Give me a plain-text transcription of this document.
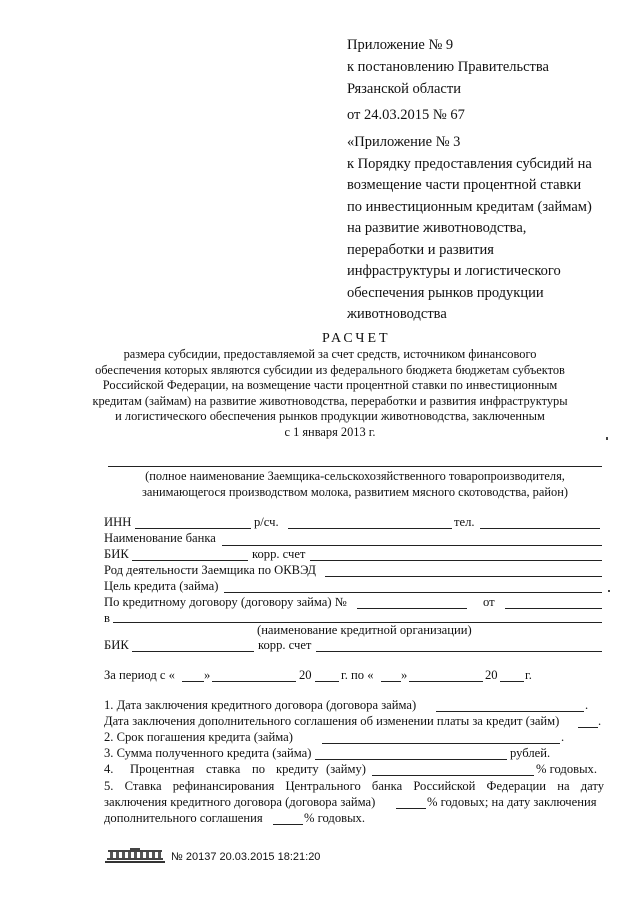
Приложение № 9
к постановлению Правительства
Рязанской области
от 24.03.2015 № 67
«Приложение № 3
к Порядку предоставления субсидий на
возмещение части процентной ставки
по инвестиционным кредитам (займам)
на развитие животноводства,
переработки и развития
инфраструктуры и логистического
обеспечения рынков продукции
животноводства
РАСЧЕТ
размера субсидии, предоставляемой за счет средств, источником финансового
обеспечения которых являются субсидии из федерального бюджета бюджетам субъектов
Российской Федерации, на возмещение части процентной ставки по инвестиционным
кредитам (займам) на развитие животноводства, переработки и развития инфраструктуры
и логистического обеспечения рынков продукции животноводства, заключенным
с 1 января 2013 г.
(полное наименование Заемщика-сельскохозяйственного товаропроизводителя,
занимающегося производством молока, развитием мясного скотоводства, район)
ИНН	р/сч.	тел.
Наименование банка
БИК	корр. счет
Род деятельности Заемщика по ОКВЭД
Цель кредита (займа)
По кредитному договору (договору займа) №	от
в
(наименование кредитной организации)
БИК	корр. счет
За период с « »	20 г. по « »	20 г.
1. Дата заключения кредитного договора (договора займа)	.
Дата заключения дополнительного соглашения об изменении платы за кредит (займ)	.
2. Срок погашения кредита (займа)	.
3. Сумма полученного кредита (займа)	рублей.
4. Процентная ставка по кредиту (займу)	% годовых.
5. Ставка рефинансирования Центрального банка Российской Федерации на дату
заключения кредитного договора (договора займа)	% годовых; на дату заключения
дополнительного соглашения	% годовых.
№ 20137 20.03.2015 18:21:20
